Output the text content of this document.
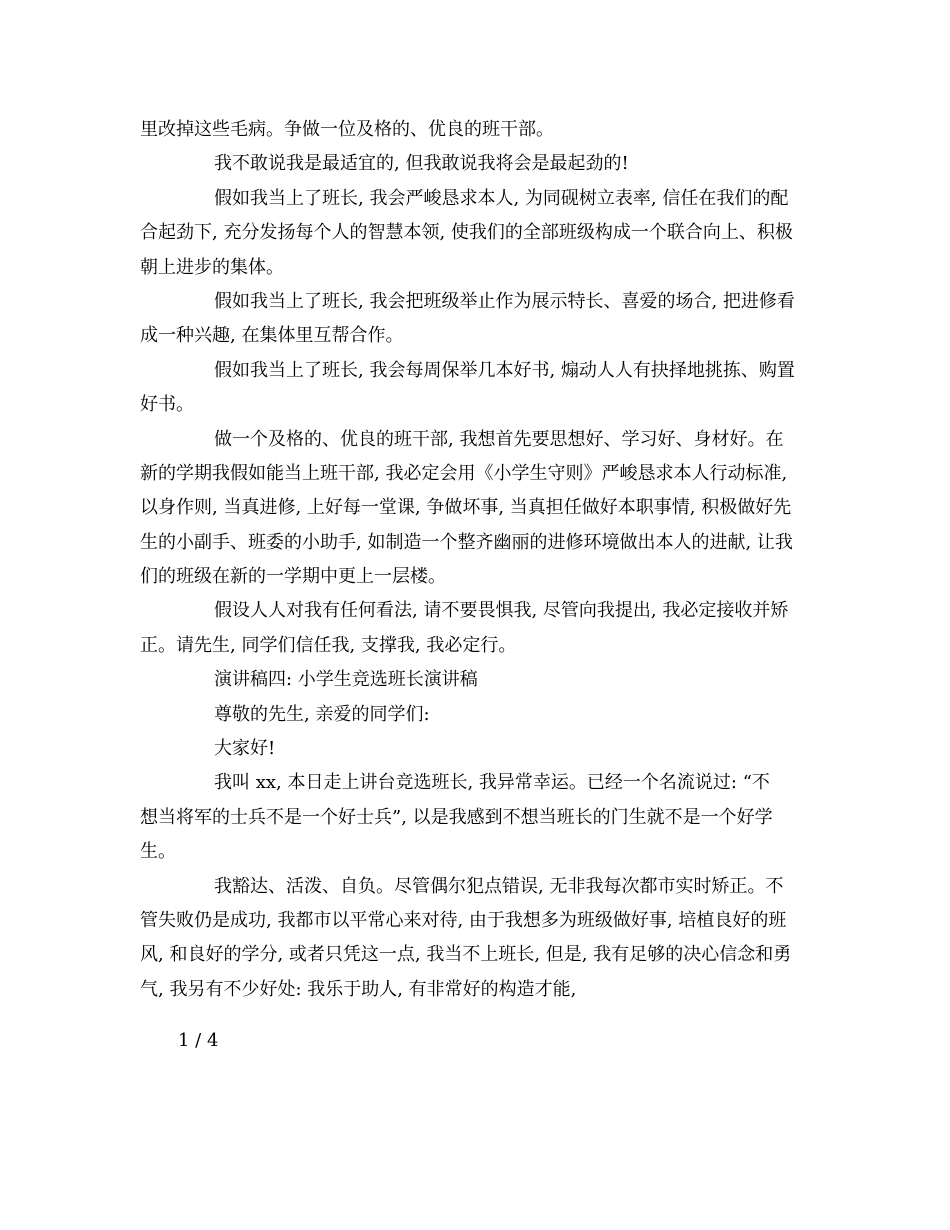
里改掉这些毛病。争做一位及格的、优良的班干部。
我不敢说我是最适宜的, 但我敢说我将会是最起劲的!
假如我当上了班长, 我会严峻恳求本人, 为同砚树立表率, 信任在我们的配
合起劲下, 充分发扬每个人的智慧本领, 使我们的全部班级构成一个联合向上、积极
朝上进步的集体。
假如我当上了班长, 我会把班级举止作为展示特长、喜爱的场合, 把进修看
成一种兴趣, 在集体里互帮合作。
假如我当上了班长, 我会每周保举几本好书, 煽动人人有抉择地挑拣、购置
好书。
做一个及格的、优良的班干部, 我想首先要思想好、学习好、身材好。在
新的学期我假如能当上班干部, 我必定会用《小学生守则》严峻恳求本人行动标准,
以身作则, 当真进修, 上好每一堂课, 争做坏事, 当真担任做好本职事情, 积极做好先
生的小副手、班委的小助手, 如制造一个整齐幽丽的进修环境做出本人的进献, 让我
们的班级在新的一学期中更上一层楼。
假设人人对我有任何看法, 请不要畏惧我, 尽管向我提出, 我必定接收并矫
正。请先生, 同学们信任我, 支撑我, 我必定行。
演讲稿四: 小学生竞选班长演讲稿
尊敬的先生, 亲爱的同学们:
大家好!
我叫 xx, 本日走上讲台竞选班长, 我异常幸运。已经一个名流说过: “不
想当将军的士兵不是一个好士兵”, 以是我感到不想当班长的门生就不是一个好学
生。
我豁达、活泼、自负。尽管偶尔犯点错误, 无非我每次都市实时矫正。不
管失败仍是成功, 我都市以平常心来对待, 由于我想多为班级做好事, 培植良好的班
风, 和良好的学分, 或者只凭这一点, 我当不上班长, 但是, 我有足够的决心信念和勇
气, 我另有不少好处: 我乐于助人, 有非常好的构造才能,
1 / 4
